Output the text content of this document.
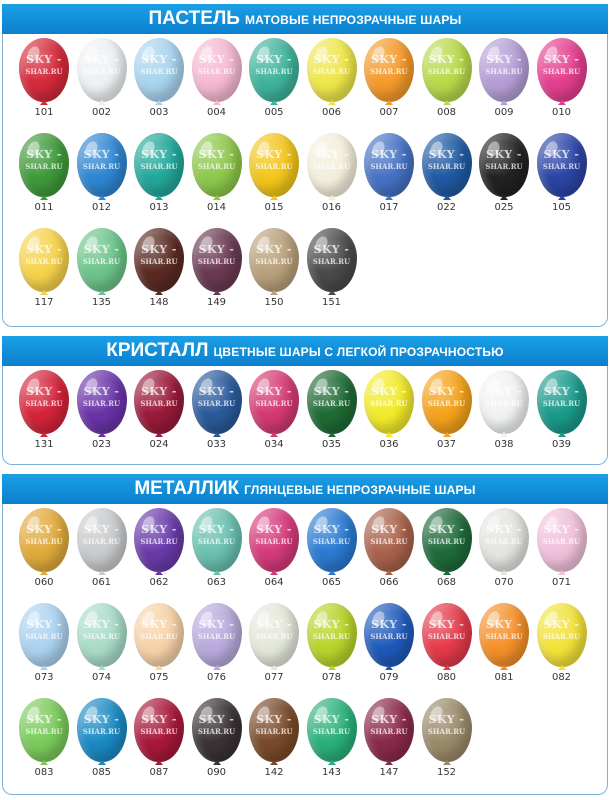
ПАСТЕЛЬ МАТОВЫЕ НЕПРОЗРАЧНЫЕ ШАРЫ
SKY -
SHAR.RU
101
SKY -
SHAR.RU
002
SKY -
SHAR.RU
003
SKY -
SHAR.RU
004
SKY -
SHAR.RU
005
SKY -
SHAR.RU
006
SKY -
SHAR.RU
007
SKY -
SHAR.RU
008
SKY -
SHAR.RU
009
SKY -
SHAR.RU
010
SKY -
SHAR.RU
011
SKY -
SHAR.RU
012
SKY -
SHAR.RU
013
SKY -
SHAR.RU
014
SKY -
SHAR.RU
015
SKY -
SHAR.RU
016
SKY -
SHAR.RU
017
SKY -
SHAR.RU
022
SKY -
SHAR.RU
025
SKY -
SHAR.RU
105
SKY -
SHAR.RU
117
SKY -
SHAR.RU
135
SKY -
SHAR.RU
148
SKY -
SHAR.RU
149
SKY -
SHAR.RU
150
SKY -
SHAR.RU
151
КРИСТАЛЛ ЦВЕТНЫЕ ШАРЫ С ЛЕГКОЙ ПРОЗРАЧНОСТЬЮ
SKY -
SHAR.RU
131
SKY -
SHAR.RU
023
SKY -
SHAR.RU
024
SKY -
SHAR.RU
033
SKY -
SHAR.RU
034
SKY -
SHAR.RU
035
SKY -
SHAR.RU
036
SKY -
SHAR.RU
037
SKY -
SHAR.RU
038
SKY -
SHAR.RU
039
МЕТАЛЛИК ГЛЯНЦЕВЫЕ НЕПРОЗРАЧНЫЕ ШАРЫ
SKY -
SHAR.RU
060
SKY -
SHAR.RU
061
SKY -
SHAR.RU
062
SKY -
SHAR.RU
063
SKY -
SHAR.RU
064
SKY -
SHAR.RU
065
SKY -
SHAR.RU
066
SKY -
SHAR.RU
068
SKY -
SHAR.RU
070
SKY -
SHAR.RU
071
SKY -
SHAR.RU
073
SKY -
SHAR.RU
074
SKY -
SHAR.RU
075
SKY -
SHAR.RU
076
SKY -
SHAR.RU
077
SKY -
SHAR.RU
078
SKY -
SHAR.RU
079
SKY -
SHAR.RU
080
SKY -
SHAR.RU
081
SKY -
SHAR.RU
082
SKY -
SHAR.RU
083
SKY -
SHAR.RU
085
SKY -
SHAR.RU
087
SKY -
SHAR.RU
090
SKY -
SHAR.RU
142
SKY -
SHAR.RU
143
SKY -
SHAR.RU
147
SKY -
SHAR.RU
152
